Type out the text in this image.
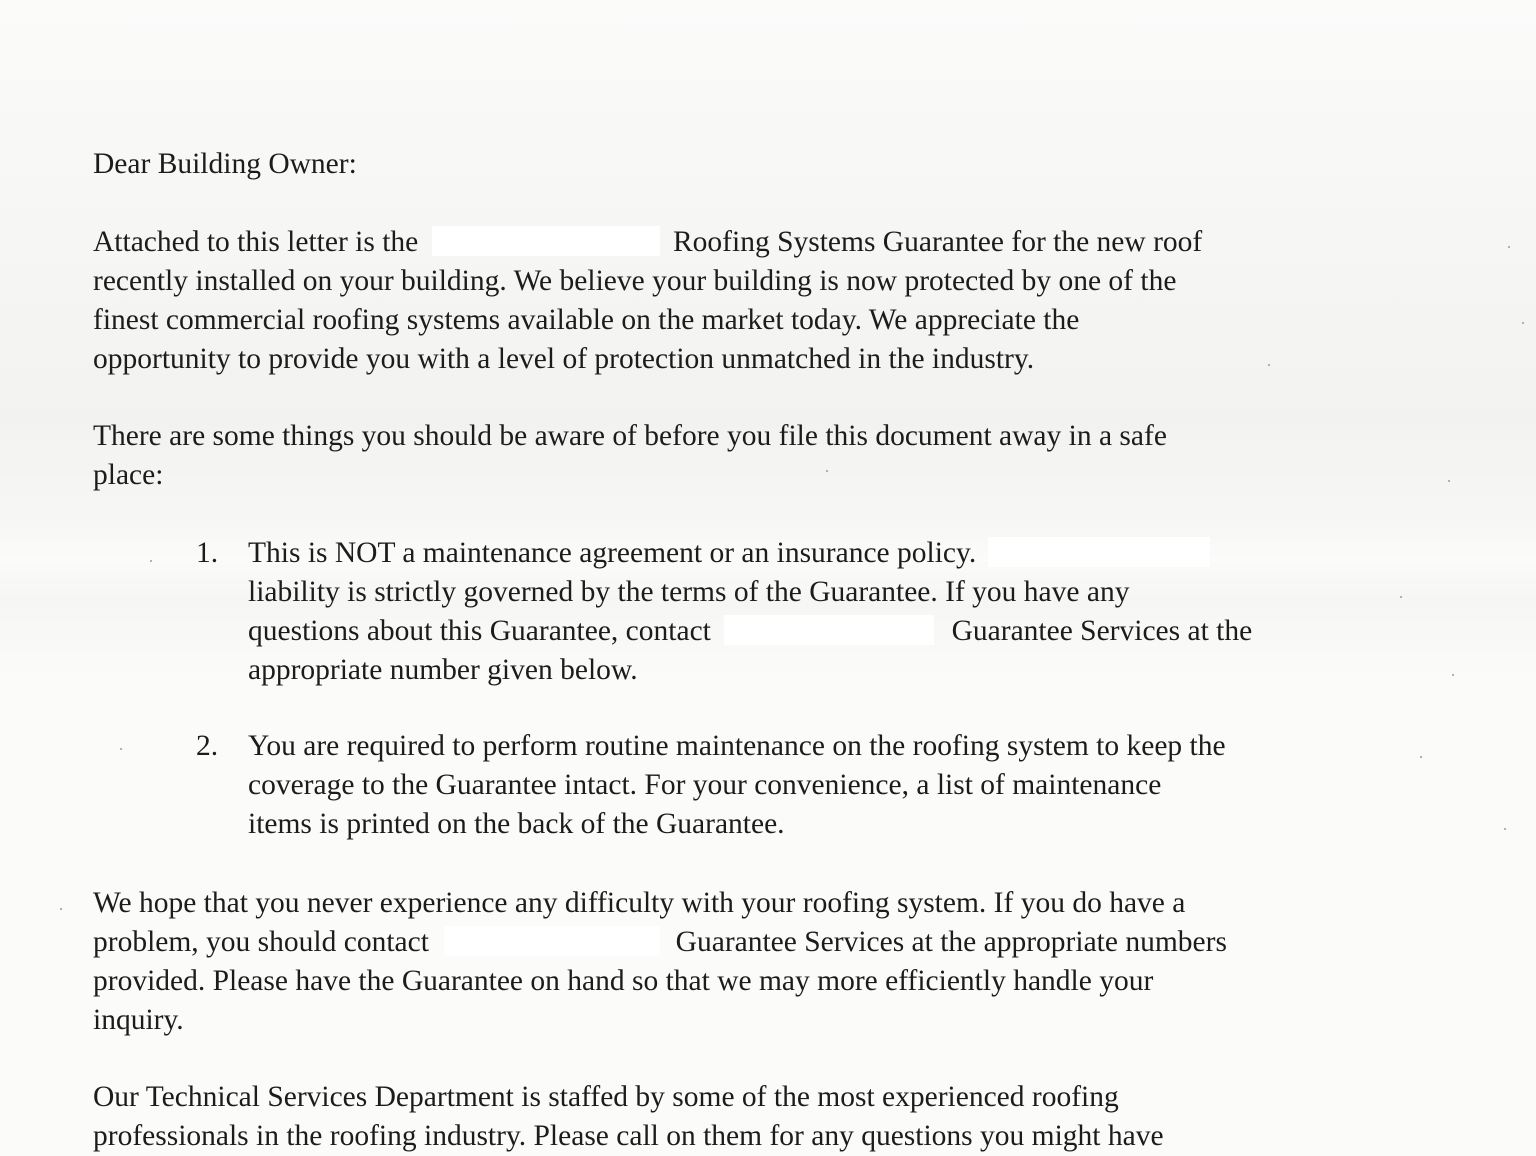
Dear Building Owner:
Attached to this letter is the	Roofing Systems Guarantee for the new roof
recently installed on your building. We believe your building is now protected by one of the
finest commercial roofing systems available on the market today. We appreciate the
opportunity to provide you with a level of protection unmatched in the industry.
There are some things you should be aware of before you file this document away in a safe
place:
1. This is NOT a maintenance agreement or an insurance policy.
liability is strictly governed by the terms of the Guarantee. If you have any
questions about this Guarantee, contact	Guarantee Services at the
appropriate number given below.
2. You are required to perform routine maintenance on the roofing system to keep the
coverage to the Guarantee intact. For your convenience, a list of maintenance
items is printed on the back of the Guarantee.
We hope that you never experience any difficulty with your roofing system. If you do have a
problem, you should contact	Guarantee Services at the appropriate numbers
provided. Please have the Guarantee on hand so that we may more efficiently handle your
inquiry.
Our Technical Services Department is staffed by some of the most experienced roofing
professionals in the roofing industry. Please call on them for any questions you might have
